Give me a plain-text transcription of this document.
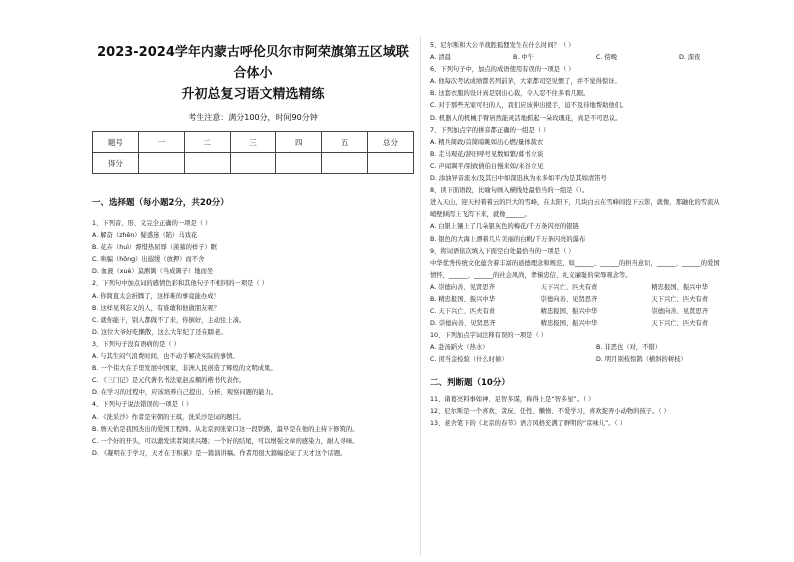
2023-2024学年内蒙古呼伦贝尔市阿荣旗第五区域联合体小
升初总复习语文精选精练
考生注意：满分100分，时间90分钟
题号	一	二	三	四	五	总分
得分						
一、选择题（每小题2分，共20分）
1、下列音、形、义完全正确的一项是（ ）
A. 解奋（zhēn）疑惑迷（陷）马戏花
B. 花卉（huì）督惜热屈辱（羡慕的样子）眶
C. 哄骗（hōng）出遐缓（放押）而不舍
D. 血液（xuè）莫测篱（当成篱子）地而坐
2、下列句中加点词的感情色彩和其他句子不相同的一项是（ ）
A. 你简直太会折腾了，这样难的事竟能办成！
B. 这样见利忘义的人，有谁敢和他做朋友呢？
C. 就你能干，别人都做不了来，你倒好，主动往上凑。
D. 这位大爷好吃懒散，这么大年纪了还在瞎老。
3、下列句子没有语病的是（ ）
A. 与其生闷气浪费时间，也不动手解决实际的事情。
B. 一个伟大在手里发展中国家，非洲人民创造了辉煌的文明成果。
C. 《三门记》是元代著名书法家赵孟頫的楷书代表作。
D. 在学习的过程中，应该培养自己提出、分析、观察问题的能力。
4、下列句子说法错误的一项是（ ）
A. 《洗采沙》作者是宋朝的王琪，洗采沙是词的题目。
B. 詹天佑是我国杰出的爱国工程师。从北京到张家口这一段铁路，最早是在他的主持下修筑的。
C. 一个好的开头，可以激发读者阅读兴趣；一个好的结尾，可以增强文章的感染力，耐人寻味。
D. 《凝明在于学习，天才在于积累》是一篇演讲稿。作者用很大篇幅论证了天才这个话题。
5、尼尔斯和大公羊战胜狐狸发生在什么时间？（ ）
A. 清晨	B. 中午	C. 傍晚	D. 深夜
6、下列句子中，加点的成语使用有误的一项是（ ）
A. 他每次考试成绩都名列前茅，大家都司空见惯了，并不觉得惊讶。
B. 这套衣服的设计真是别出心裁，令人忍不住多看几眼。
C. 对于那些无家可归的人，我们应该伸出援手，迫不及待地帮助他们。
D. 机器人的机械手臂居然能灵活地抓起一朵玫瑰花，真是不可思议。
7、下列加点字的拼音都正确的一组是（ ）
A. 精兵简政/首简暗眺如出心燃/量体裁衣
B. 走马观花/辞旧呼号见数如繁/暮书立谈
C. 声闻调平/别致倩伯自慢来如/来谷立见
D. 添油异音流水/及其日中如深迅执为永多如平/为是其如清笛号
8、读下面语段，比喻句画入横线处最恰当的一组是（）。
进入天山，迎天村着着云的巨大的雪峰，在太阳下，几块白云在雪峰间投下云影，就像，那融化的雪流从
峭壁倾泻上飞泻下来，就像______。
A. 白银上镶上了几朵银灰色的梅花/千万条闪亮的银链
B. 银色的大海上漂着几片美丽的白帆/千万条闪亮的瀑布
9、将词语依次填入下面空白处最恰当的一项是（ ）
中华优秀传统文化蕴含着丰富的道德理念和规范，如______、______的担当意识，______、______的爱国
情怀，______、______的社会风尚，孝悌忠信、礼义廉耻的荣辱观念等。
A. 崇德向善、见贤思齐	天下兴亡、匹夫有责	精忠报国、振兴中华
B. 精忠报国、振兴中华	崇德向善、见贤思齐	天下兴亡、匹夫有责
C. 天下兴亡、匹夫有责	精忠报国、振兴中华	崇德向善、见贤思齐
D. 崇德向善、见贤思齐	精忠报国、振兴中华	天下兴亡、匹夫有责
10、下列加点字词注释有误的一项是（ ）
A. 赴汤蹈火（热水）	B. 非恶也（对，不错）
C. 闭当金检验（什么时候）	D. 明月别枝惊鹊（横斜的树枝）
二、判断题（10分）
11、诸葛亮料事如神、足智多谋，称得上是“智多星”。（ ）
12、尼尔斯是一个喜欢、贪玩、任性、懒惰、不爱学习，喜欢捉弄小动物的孩子。（ ）
13、老舍笔下的《北京的春节》语言风格充满了鲜明的“京味儿”。（ ）
